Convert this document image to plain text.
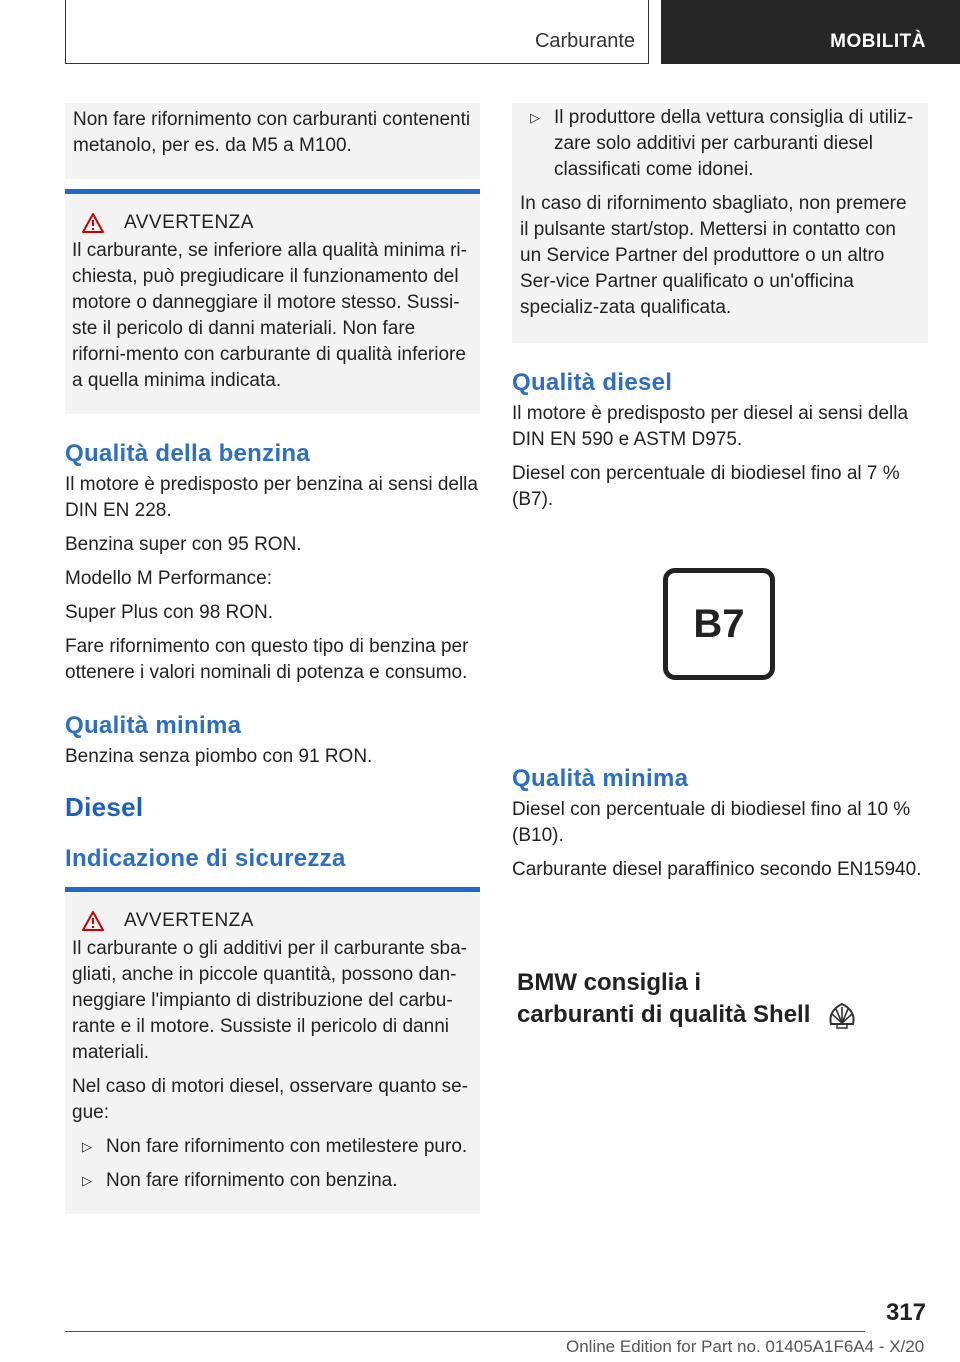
Carburante	MOBILITÀ

Non fare rifornimento con carburanti contenenti metanolo, per es. da M5 a M100.

AVVERTENZA

Il carburante, se inferiore alla qualità minima ri-chiesta, può pregiudicare il funzionamento del motore o danneggiare il motore stesso. Sussi-ste il pericolo di danni materiali. Non fare riforni-mento con carburante di qualità inferiore a quella minima indicata.

Qualità della benzina

Il motore è predisposto per benzina ai sensi della DIN EN 228.

Benzina super con 95 RON.

Modello M Performance:

Super Plus con 98 RON.

Fare rifornimento con questo tipo di benzina per ottenere i valori nominali di potenza e consumo.

Qualità minima

Benzina senza piombo con 91 RON.

Diesel
Indicazione di sicurezza
AVVERTENZA

Il carburante o gli additivi per il carburante sba-gliati, anche in piccole quantità, possono dan-neggiare l'impianto di distribuzione del carbu-rante e il motore. Sussiste il pericolo di danni materiali.

Nel caso di motori diesel, osservare quanto se-gue:

▷ Non fare rifornimento con metilestere puro.
▷ Non fare rifornimento con benzina.
▷ Il produttore della vettura consiglia di utiliz-zare solo additivi per carburanti diesel classificati come idonei.

In caso di rifornimento sbagliato, non premere il pulsante start/stop. Mettersi in contatto con un Service Partner del produttore o un altro Ser-vice Partner qualificato o un'officina specializ-zata qualificata.

Qualità diesel

Il motore è predisposto per diesel ai sensi della DIN EN 590 e ASTM D975.

Diesel con percentuale di biodiesel fino al 7 % (B7).

B7
Qualità minima

Diesel con percentuale di biodiesel fino al 10 % (B10).

Carburante diesel paraffinico secondo EN15940.

BMW consiglia i
carburanti di qualità Shell
317
Online Edition for Part no. 01405A1F6A4 - X/20
